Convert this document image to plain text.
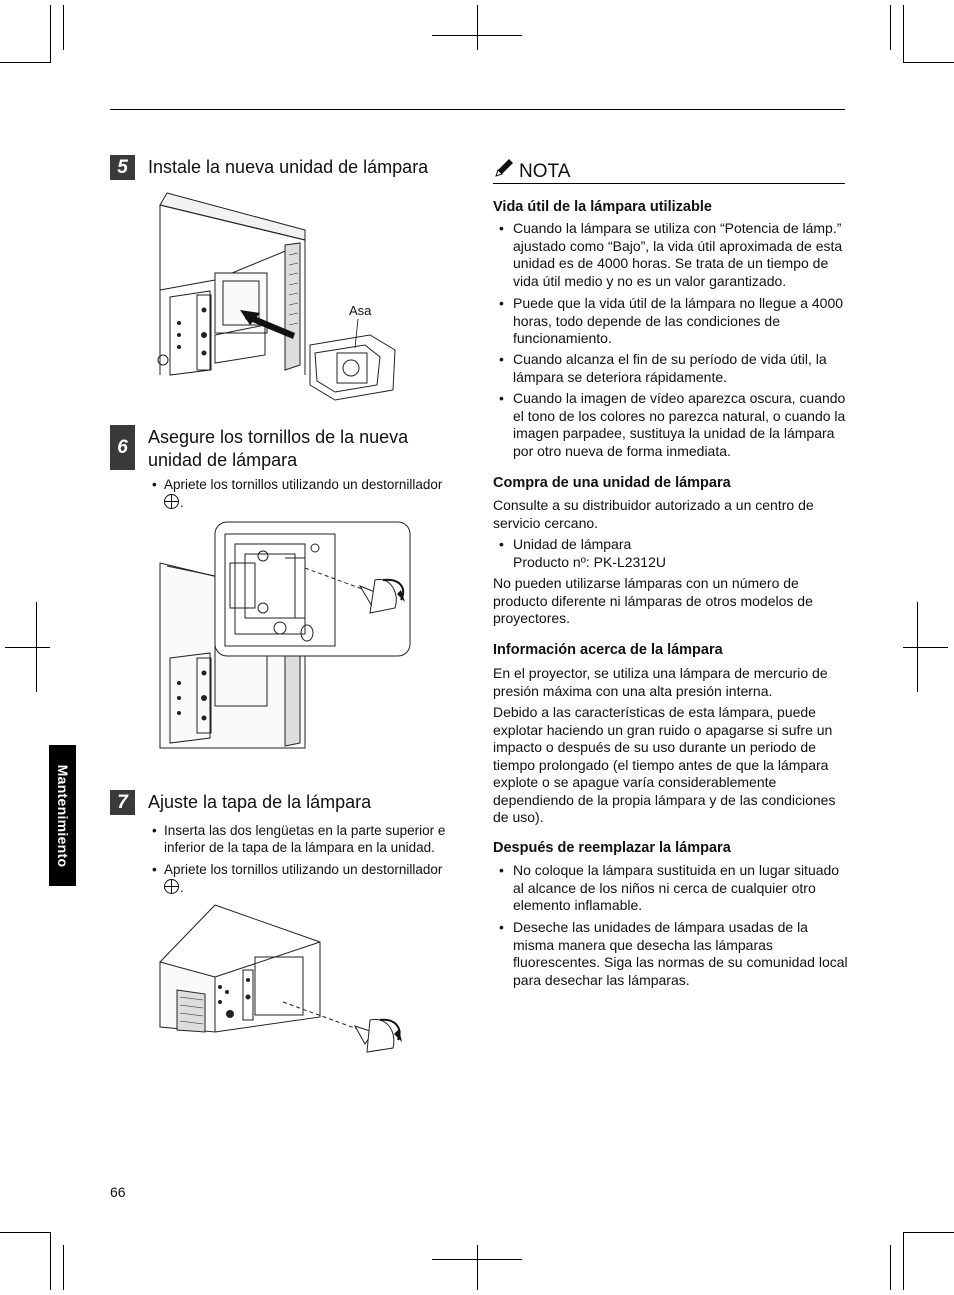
5	Instale la nueva unidad de lámpara
Asa
6	Asegure los tornillos de la nueva
unidad de lámpara
• Apriete los tornillos utilizando un destornillador
.
7	Ajuste la tapa de la lámpara
• Inserta las dos lengüetas en la parte superior e
inferior de la tapa de la lámpara en la unidad.
• Apriete los tornillos utilizando un destornillador
.
NOTA
Vida útil de la lámpara utilizable
• Cuando la lámpara se utiliza con “Potencia de lámp.”
ajustado como “Bajo”, la vida útil aproximada de esta
unidad es de 4000 horas. Se trata de un tiempo de
vida útil medio y no es un valor garantizado.
• Puede que la vida útil de la lámpara no llegue a 4000
horas, todo depende de las condiciones de
funcionamiento.
• Cuando alcanza el fin de su período de vida útil, la
lámpara se deteriora rápidamente.
• Cuando la imagen de vídeo aparezca oscura, cuando
el tono de los colores no parezca natural, o cuando la
imagen parpadee, sustituya la unidad de la lámpara
por otro nueva de forma inmediata.
Compra de una unidad de lámpara
Consulte a su distribuidor autorizado a un centro de
servicio cercano.
• Unidad de lámpara
Producto nº: PK-L2312U
No pueden utilizarse lámparas con un número de
producto diferente ni lámparas de otros modelos de
proyectores.
Información acerca de la lámpara
En el proyector, se utiliza una lámpara de mercurio de
presión máxima con una alta presión interna.
Debido a las características de esta lámpara, puede
explotar haciendo un gran ruido o apagarse si sufre un
impacto o después de su uso durante un periodo de
tiempo prolongado (el tiempo antes de que la lámpara
explote o se apague varía considerablemente
dependiendo de la propia lámpara y de las condiciones
de uso).
Después de reemplazar la lámpara
• No coloque la lámpara sustituida en un lugar situado
al alcance de los niños ni cerca de cualquier otro
elemento inflamable.
• Deseche las unidades de lámpara usadas de la
misma manera que desecha las lámparas
fluorescentes. Siga las normas de su comunidad local
para desechar las lámparas.
Mantenimiento
66
